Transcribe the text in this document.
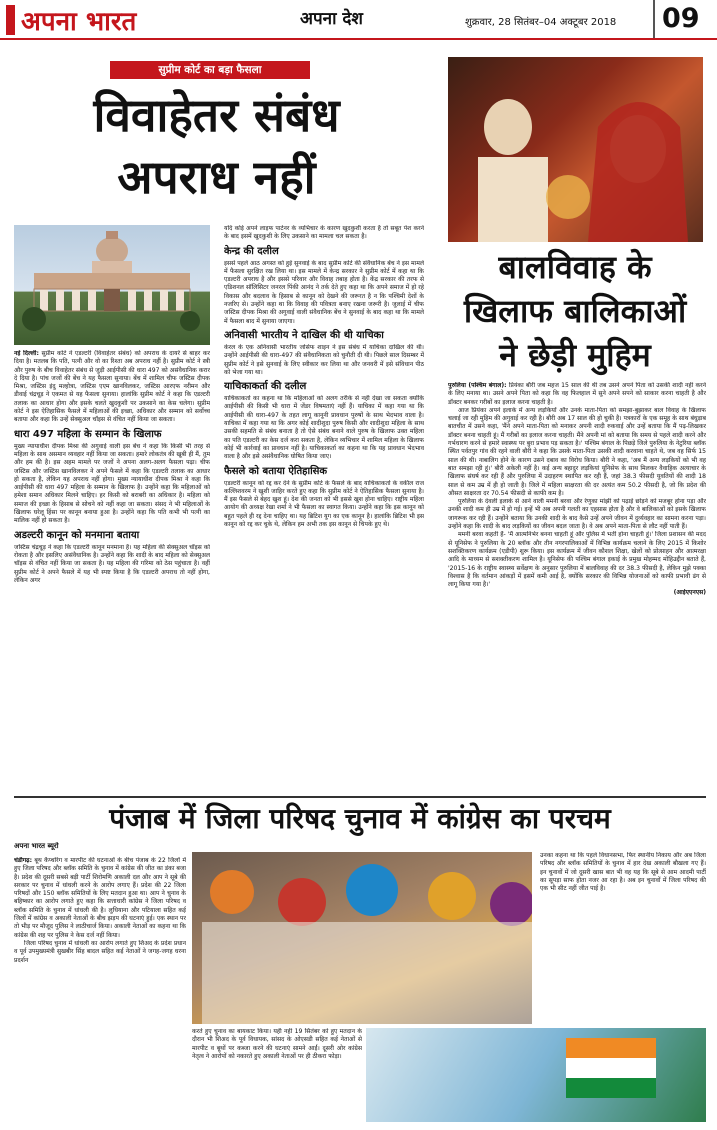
अपना भारत	अपना देश	शुक्रवार, 28 सितंबर–04 अक्टूबर 2018	09
सुप्रीम कोर्ट का बड़ा फैसला
विवाहेतर संबंध
अपराध नहीं
नई दिल्ली: सुप्रीम कोर्ट ने एडल्टरी (विवाहेतर संबंध) को अपराध के दायरे से बाहर कर दिया है। मतलब कि पति, पत्नी और वो का रिश्ता अब अपराध नहीं है। सुप्रीम कोर्ट ने स्त्री और पुरुष के बीच विवाहेतर संबंध से जुड़ी आईपीसी की धारा 497 को असंवैधानिक करार दे दिया है। पांच जजों की बेंच ने यह फैसला सुनाया। बेंच में शामिल चीफ जस्टिस दीपक मिश्रा, जस्टिस इंदु मल्होत्रा, जस्टिस एएम खानविलकर, जस्टिस आरएफ नरीमन और डीवाई चंद्रचूड़ ने एकमत से यह फैसला सुनाया। हालांकि सुप्रीम कोर्ट ने कहा कि एडल्टरी तलाक का आधार होगा और इसके चलते खुदकुशी पर उकसाने का केस चलेगा। सुप्रीम कोर्ट ने इस ऐतिहासिक फैसले में महिलाओं की इच्छा, अधिकार और सम्मान को सर्वोच्च बताया और कहा कि उन्हें सेक्सुअल चॉइस से वंचित नहीं किया जा सकता।
धारा 497 महिला के सम्मान के खिलाफ
मुख्य न्यायाधीश दीपक मिश्रा की अगुवाई वाली इस बेंच ने कहा कि किसी भी तरह से महिला के साथ असमान व्यवहार नहीं किया जा सकता। हमारे लोकतंत्र की खूबी ही मैं, तुम और हम की है। इस अहम मामले पर जजों ने अपना अलग-अलग फैसला पढ़ा। चीफ जस्टिस और जस्टिस खानविलकर ने अपने फैसले में कहा कि एडल्टरी तलाक का आधार हो सकता है, लेकिन यह अपराध नहीं होगा। मुख्य न्यायाधीश दीपक मिश्रा ने कहा कि आईपीसी की धारा 497 महिला के सम्मान के खिलाफ है। उन्होंने कहा कि महिलाओं को हमेशा समान अधिकार मिलने चाहिए। हर किसी को बराबरी का अधिकार है। महिला को समाज की इच्छा के हिसाब से सोचने को नहीं कहा जा सकता। संसद ने भी महिलाओं के खिलाफ घरेलू हिंसा पर कानून बनाया हुआ है। उन्होंने कहा कि पति कभी भी पत्नी का मालिक नहीं हो सकता है।
अडल्टरी कानून को मनमाना बताया
जस्टिस चंद्रचूड़ ने कहा कि एडल्टरी कानून मनमाना है। यह महिला की सेक्सुअल चॉइस को रोकता है और इसलिए असंवैधानिक है। उन्होंने कहा कि शादी के बाद महिला को सेक्सुअल चॉइस से वंचित नहीं किया जा सकता है। यह महिला की गरिमा को ठेस पहुंचाता है। वहीं सुप्रीम कोर्ट ने अपने फैसले में यह भी स्पष्ट किया है कि एडल्टरी अपराध तो नहीं होगा, लेकिन अगर
यदि कोई अपने लाइफ पार्टनर के व्यभिचार के कारण खुदकुशी करता है तो सबूत पेश करने के बाद इसमें खुदकुशी के लिए उकसाने का मामला चल सकता है।
केन्द्र की दलील
इससे पहले आठ अगस्त को हुई सुनवाई के बाद सुप्रीम कोर्ट की संवैधानिक बेंच ने इस मामले में फैसला सुरक्षित रख लिया था। इस मामले में केन्द्र सरकार ने सुप्रीम कोर्ट में कहा था कि एडल्टरी अपराध है और इससे परिवार और विवाह तबाह होता है। केंद्र सरकार की तरफ से एडिशनल सॉलिसिटर जनरल पिंकी आनंद ने तर्क देते हुए कहा था कि अपने समाज में हो रहे विकास और बदलाव के हिसाब से कानून को देखने की जरूरत है न कि पश्चिमी देशों के नजरिए से। उन्होंने कहा था कि विवाह की पवित्रता बनाए रखना जरूरी है। जुलाई में चीफ जस्टिस दीपक मिश्रा की अगुवाई वाली संवैधानिक बेंच ने सुनवाई के बाद कहा था कि मामले में फैसला बाद में सुनाया जाएगा।
अनिवासी भारतीय ने दाखिल की थी याचिका
केरल के एक अनिवासी भारतीय जोसेफ शाइन ने इस संबंध में याचिका दाखिल की थी। उन्होंने आईपीसी की धारा-497 की संवैधानिकता को चुनौती दी थी। पिछले साल दिसम्बर में सुप्रीम कोर्ट ने इसे सुनवाई के लिए स्वीकार कर लिया था और जनवरी में इसे संविधान पीठ को भेजा गया था।
याचिकाकर्ता की दलील
याचिकाकर्ता का कहना था कि महिलाओं को अलग तरीके से नहीं देखा जा सकता क्योंकि आईपीसी की किसी भी धारा में जेंडर विषमताएं नहीं हैं। याचिका में कहा गया था कि आईपीसी की धारा-497 के तहत लागू कानूनी प्रावधान पुरुषों के साथ भेदभाव वाला है। याचिका में कहा गया था कि अगर कोई शादीशुदा पुरुष किसी और शादीशुदा महिला के साथ उसकी सहमति से संबंध बनाता है तो ऐसे संबंध बनाने वाले पुरुष के खिलाफ उक्त महिला का पति एडल्टरी का केस दर्ज करा सकता है, लेकिन व्यभिचार में शामिल महिला के खिलाफ कोई भी कार्रवाई का प्रावधान नहीं है। याचिकाकर्ता का कहना था कि यह प्रावधान भेदभाव वाला है और इसे असंवैधानिक घोषित किया जाए।
फैसले को बताया ऐतिहासिक
एडल्टरी कानून को रद्द कर देने के सुप्रीम कोर्ट के फैसले के बाद याचिकाकर्ता के वकील राज कल्लिशवरम ने खुशी जाहिर करते हुए कहा कि सुप्रीम कोर्ट ने ऐतिहासिक फैसला सुनाया है। मैं इस फैसले से बेहद खुश हूं। देश की जनता को भी इससे खुश होना चाहिए। राष्ट्रीय महिला आयोग की अध्यक्ष रेखा शर्मा ने भी फैसला का स्वागत किया। उन्होंने कहा कि इस कानून को बहुत पहले ही रद्द देना चाहिए था। यह ब्रिटिश युग का एक कानून है। हालांकि ब्रिटिश भी इस कानून को रद्द कर चुके थे, लेकिन हम अभी तक इस कानून से चिपके हुए थे।
बालविवाह के
खिलाफ बालिकाओं
ने छेड़ी मुहिम
पुरुलिया (पश्चिम बंगाल): प्रियंका बौरी जब महज 15 साल की थी तब उसने अपने पिता को उसकी शादी नहीं करने के लिए मनाया था। उसने अपने पिता को कहा कि वह फिलहाल में सुने अपने सपने को साकार करना चाहती है और डॉक्टर बनकर गरीबों का इलाज करना चाहती है।
आज प्रियंका अपने इलाके में अन्य लड़कियों और उनके माता-पिता को समझा-बुझाकर बाल विवाह के खिलाफ चलाई जा रही मुहिम की अगुवाई कर रही है। बौरी अब 17 साल की हो चुकी है। पत्रकारों के एक समूह के साथ बंधुड़ाब बातचीत में उसने कहा, 'मैंने अपने माता-पिता को मनाकर अपनी शादी रुकवाई और उन्हें बताया कि मैं पढ़-लिखकर डॉक्टर बनना चाहती हूं। मैं गरीबों का इलाज करना चाहती। मैंने अपनी मां को बताया कि समय से पहले शादी करने और गर्भधारण करने से हमारे स्वास्थ्य पर बुरा प्रभाव पड़ सकता है।' पश्चिम बंगाल के पिछड़े जिले पुरुलिया के नेटुरिया ब्लॉक स्थित पर्वतपुर गांव की रहने वाली बौरी ने कहा कि उसके माता-पिता उसकी शादी करवाना चाहते थे, जब वह सिर्फ 15 साल की थी। नाबालिग होने के कारण उसने दबाव का विरोध किया। बौरी ने कहा, 'अब मैं अन्य लड़कियों को भी वह बात समझा रही हूं।' बौरी अकेली नहीं है। कई अन्य बहादुर लड़कियां यूनिसेफ के साथ मिलकर वैवाहिक अत्याचार के खिलाफ संघर्ष कर रही हैं और पुरुलिया में उदाहरण स्थापित कर रही हैं, जहां 38.3 फीसदी युवतियों की शादी 18 साल से कम उम्र में ही हो जाती है। जिले में महिला साक्षरता की दर अत्यंत कम 50.2 फीसदी है, जो कि प्रदेश की औसत साक्षरता दर 70.54 फीसदी से काफी कम है।
पुरुलिया के देवली इलाके से आने वाली ममनी बरवा और रेणुका मांझी को पढ़ाई छोड़ने को मजबूर होना पड़ा और उनकी शादी कम ही उम्र में हो गई। इन्हें भी अब अपनी गलती का एहसास होता है और वे बालिकाओं को इसके खिलाफ जागरूक कर रही हैं। उन्होंने बताया कि उनकी शादी के बाद कैसे उन्हें अपने जीवन में दुर्व्यवहार का सामना करना पड़ा। उन्होंने कहा कि शादी के बाद लड़कियों का जीवन बदल जाता है। वे अब अपने माता-पिता से लौट नहीं पाती हैं।
ममनी बरवा कहती हैं- 'मैं आत्मनिर्भर बनना चाहती हूं और पुलिस में भर्ती होना चाहती हूं।' जिला प्रशासन की मदद से यूनिसेफ ने पुरुलिया के 20 ब्लॉक और तीन नगरपालिकाओं में विभिन्न कार्यक्रम चलाने के लिए 2015 में किशोर सशक्तिकरण कार्यक्रम (एडीपी) शुरू किया। इस कार्यक्रम में जीवन कौशल शिक्षा, खेलों को प्रोत्साहन और आत्मरक्षा आदि के माध्यम से सशक्तीकरण शामिल है। यूनिसेफ की पश्चिम बंगाल इकाई के प्रमुख मोहम्मद मोहिउद्दीन बताते हैं, '2015-16 के राष्ट्रीय स्वास्थ्य सर्वेक्षण के अनुसार पुरुलिया में बालविवाह की दर 38.3 फीसदी है, लेकिन मुझे पक्का विश्वास है कि वर्तमान आंकड़ों में इसमें कमी आई है, क्योंकि सरकार की विभिन्न योजनाओं को काफी प्रभावी ढंग से लागू किया गया है।'
(आईएएनएस)
पंजाब में जिला परिषद चुनाव में कांग्रेस का परचम
अपना भारत ब्यूरो
चंडीगढ़: बूथ कैप्चरिंग व मारपीट की घटनाओं के बीच पंजाब के 22 जिलों में हुए जिला परिषद और ब्लॉक समिति के चुनाव में कांग्रेस की जीत का डंका बजा है। प्रदेश की दूसरी सबसे बड़ी पार्टी शिरोमणि अकाली दल और आप ने सूबे की सरकार पर चुनाव में धांधली करने के आरोप लगाए हैं। प्रदेश की 22 जिला परिषदों और 150 ब्लॉक समितियों के लिए मतदान हुआ था। आप ने चुनाव के बहिष्कार का आरोप लगाते हुए कहा कि सत्ताधारी कांग्रेस ने जिला परिषद व ब्लॉक समिति के चुनाव में धांधली की है। लुधियाना और पटियाला सहित कई जिलों में कांग्रेस व अकाली नेताओं के बीच झड़प की घटनाएं हुई। एक स्थान पर तो भीड़ पर मौजूद पुलिस ने लाठीचार्ज किया। अकाली नेताओं का कहना था कि कांग्रेस की शह पर पुलिस ने केस दर्ज नहीं किया।
जिला परिषद चुनाव में धांधली का आरोप लगाते हुए शिअद के प्रदेश प्रधान व पूर्व उपमुख्यमंत्री सुखबीर सिंह बादल सहित कई नेताओं ने जगह-जगह धरना प्रदर्शन
उनका कहना था कि पहले विधानसभा, फिर स्थानीय निकाय और अब जिला परिषद और ब्लॉक समितियों के चुनाव में हार देख अकाली बौखला गए हैं। इन चुनावों में जो दूसरी खास बात भी वह यह कि सूबे से आम आदमी पार्टी का सूपड़ा साफ होता नजर आ रहा है। अब इन चुनावों में जिला परिषद की एक भी सीट नहीं जीत पाई है।
करते हुए चुनाव का बायकाट किया। यही नहीं 19 सितंबर को हुए मतदान के दौरान भी शिअद के पूर्व विधायक, सांसद के ओएसडी सहित कई नेताओं से मारपीट व बूथों पर कब्जा करने की घटनाएं सामने आईं। दूसरी ओर कांग्रेस नेतृत्व ने आरोपों को नकारते हुए अकाली नेताओं पर ही ठीकरा फोड़ा।
